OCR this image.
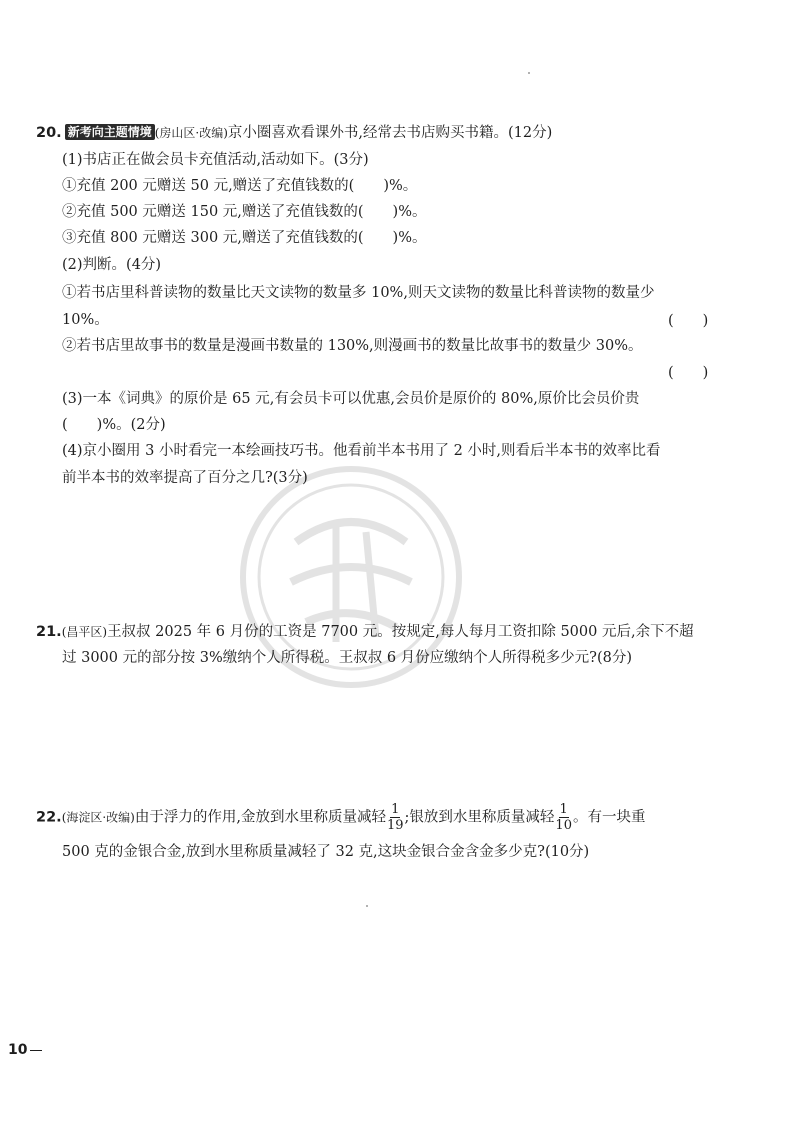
20. 新考向主题情境 (房山区·改编)京小圈喜欢看课外书,经常去书店购买书籍。(12分)
(1)书店正在做会员卡充值活动,活动如下。(3分)
①充值 200 元赠送 50 元,赠送了充值钱数的(  )%。
②充值 500 元赠送 150 元,赠送了充值钱数的(  )%。
③充值 800 元赠送 300 元,赠送了充值钱数的(  )%。
(2)判断。(4分)
①若书店里科普读物的数量比天文读物的数量多 10%,则天文读物的数量比科普读物的数量少
10%。	(  )
②若书店里故事书的数量是漫画书数量的 130%,则漫画书的数量比故事书的数量少 30%。
(  )
(3)一本《词典》的原价是 65 元,有会员卡可以优惠,会员价是原价的 80%,原价比会员价贵
(  )%。(2分)
(4)京小圈用 3 小时看完一本绘画技巧书。他看前半本书用了 2 小时,则看后半本书的效率比看
前半本书的效率提高了百分之几?(3分)
21.(昌平区)王叔叔 2025 年 6 月份的工资是 7700 元。按规定,每人每月工资扣除 5000 元后,余下不超
过 3000 元的部分按 3%缴纳个人所得税。王叔叔 6 月份应缴纳个人所得税多少元?(8分)
22.(海淀区·改编)由于浮力的作用,金放到水里称质量减轻 $\frac{1}{19}$ ;银放到水里称质量减轻 $\frac{1}{10}$ 。有一块重
500 克的金银合金,放到水里称质量减轻了 32 克,这块金银合金含金多少克?(10分)
10
